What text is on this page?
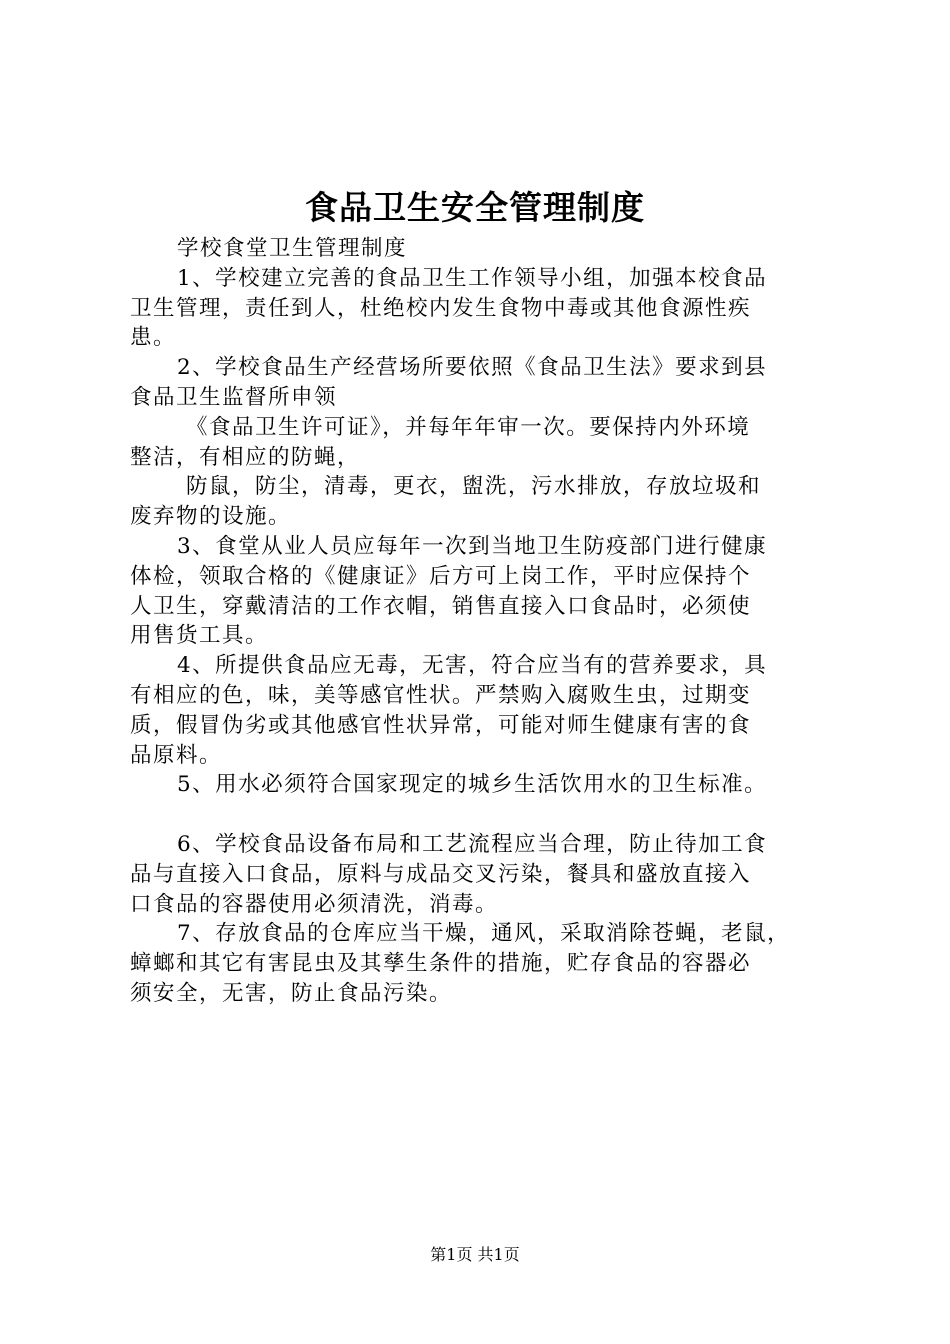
食品卫生安全管理制度
学校食堂卫生管理制度
1、学校建立完善的食品卫生工作领导小组，加强本校食品
卫生管理，责任到人，杜绝校内发生食物中毒或其他食源性疾
患。
2、学校食品生产经营场所要依照《食品卫生法》要求到县
食品卫生监督所申领
《食品卫生许可证》，并每年年审一次。要保持内外环境
整洁，有相应的防蝇，
防鼠，防尘，清毒，更衣，盥洗，污水排放，存放垃圾和
废弃物的设施。
3、食堂从业人员应每年一次到当地卫生防疫部门进行健康
体检，领取合格的《健康证》后方可上岗工作，平时应保持个
人卫生，穿戴清洁的工作衣帽，销售直接入口食品时，必须使
用售货工具。
4、所提供食品应无毒，无害，符合应当有的营养要求，具
有相应的色，味，美等感官性状。严禁购入腐败生虫，过期变
质，假冒伪劣或其他感官性状异常，可能对师生健康有害的食
品原料。
5、用水必须符合国家现定的城乡生活饮用水的卫生标准。
6、学校食品设备布局和工艺流程应当合理，防止待加工食
品与直接入口食品，原料与成品交叉污染，餐具和盛放直接入
口食品的容器使用必须清洗，消毒。
7、存放食品的仓库应当干燥，通风，采取消除苍蝇，老鼠，
蟑螂和其它有害昆虫及其孳生条件的措施，贮存食品的容器必
须安全，无害，防止食品污染。
第1页 共1页
